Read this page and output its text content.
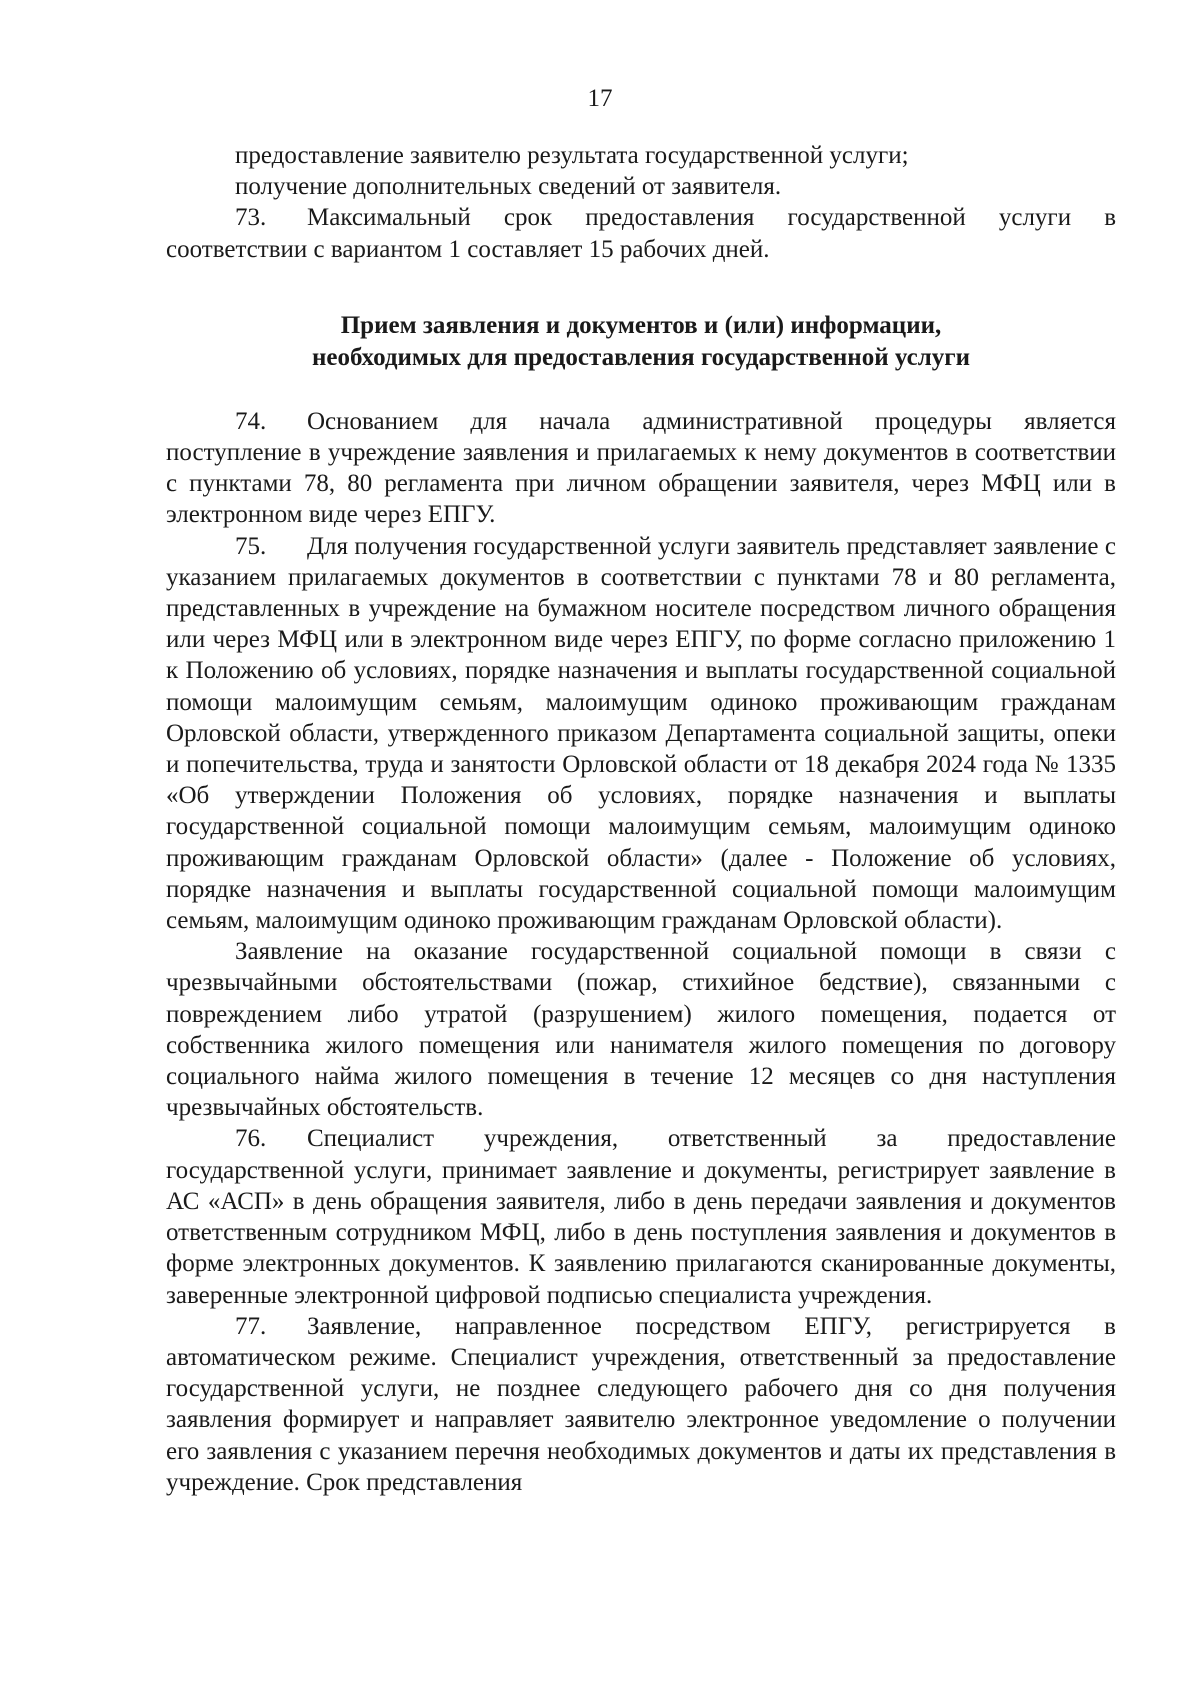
17

предоставление заявителю результата государственной услуги;

получение дополнительных сведений от заявителя.

73. Максимальный срок предоставления государственной услуги в соответствии с вариантом 1 составляет 15 рабочих дней.

Прием заявления и документов и (или) информации,
необходимых для предоставления государственной услуги

74. Основанием для начала административной процедуры является поступление в учреждение заявления и прилагаемых к нему документов в соответствии с пунктами 78, 80 регламента при личном обращении заявителя, через МФЦ или в электронном виде через ЕПГУ.

75. Для получения государственной услуги заявитель представляет заявление с указанием прилагаемых документов в соответствии с пунктами 78 и 80 регламента, представленных в учреждение на бумажном носителе посредством личного обращения или через МФЦ или в электронном виде через ЕПГУ, по форме согласно приложению 1 к Положению об условиях, порядке назначения и выплаты государственной социальной помощи малоимущим семьям, малоимущим одиноко проживающим гражданам Орловской области, утвержденного приказом Департамента социальной защиты, опеки и попечительства, труда и занятости Орловской области от 18 декабря 2024 года № 1335 «Об утверждении Положения об условиях, порядке назначения и выплаты государственной социальной помощи малоимущим семьям, малоимущим одиноко проживающим гражданам Орловской области» (далее - Положение об условиях, порядке назначения и выплаты государственной социальной помощи малоимущим семьям, малоимущим одиноко проживающим гражданам Орловской области).

Заявление на оказание государственной социальной помощи в связи с чрезвычайными обстоятельствами (пожар, стихийное бедствие), связанными с повреждением либо утратой (разрушением) жилого помещения, подается от собственника жилого помещения или нанимателя жилого помещения по договору социального найма жилого помещения в течение 12 месяцев со дня наступления чрезвычайных обстоятельств.

76. Специалист учреждения, ответственный за предоставление государственной услуги, принимает заявление и документы, регистрирует заявление в АС «АСП» в день обращения заявителя, либо в день передачи заявления и документов ответственным сотрудником МФЦ, либо в день поступления заявления и документов в форме электронных документов. К заявлению прилагаются сканированные документы, заверенные электронной цифровой подписью специалиста учреждения.

77. Заявление, направленное посредством ЕПГУ, регистрируется в автоматическом режиме. Специалист учреждения, ответственный за предоставление государственной услуги, не позднее следующего рабочего дня со дня получения заявления формирует и направляет заявителю электронное уведомление о получении его заявления с указанием перечня необходимых документов и даты их представления в учреждение. Срок представления
